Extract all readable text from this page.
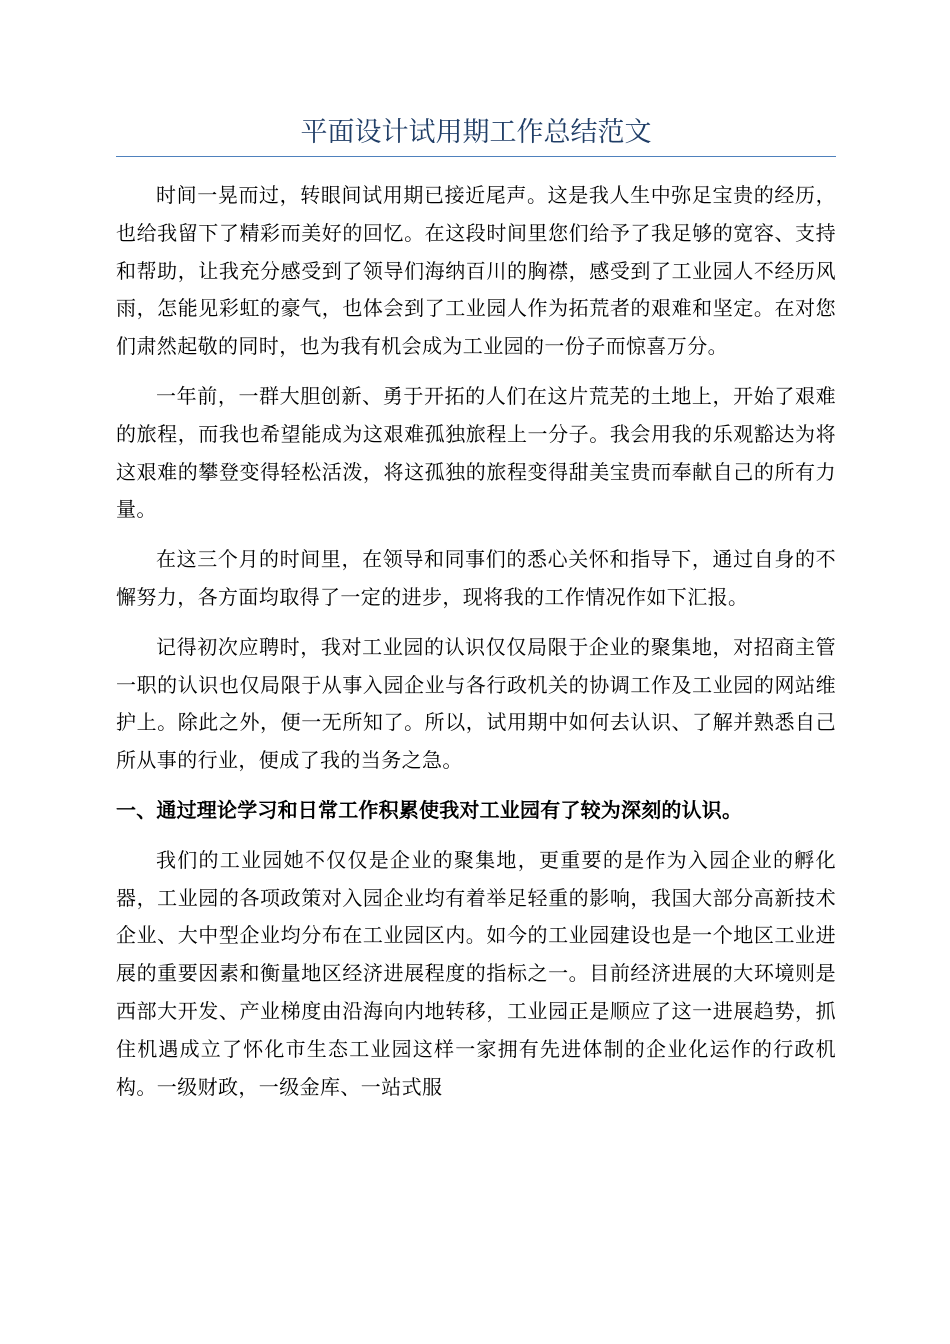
平面设计试用期工作总结范文

时间一晃而过，转眼间试用期已接近尾声。这是我人生中弥足宝贵的经历，也给我留下了精彩而美好的回忆。在这段时间里您们给予了我足够的宽容、支持和帮助，让我充分感受到了领导们海纳百川的胸襟，感受到了工业园人不经历风雨，怎能见彩虹的豪气，也体会到了工业园人作为拓荒者的艰难和坚定。在对您们肃然起敬的同时，也为我有机会成为工业园的一份子而惊喜万分。

一年前，一群大胆创新、勇于开拓的人们在这片荒芜的土地上，开始了艰难的旅程，而我也希望能成为这艰难孤独旅程上一分子。我会用我的乐观豁达为将这艰难的攀登变得轻松活泼，将这孤独的旅程变得甜美宝贵而奉献自己的所有力量。

在这三个月的时间里，在领导和同事们的悉心关怀和指导下，通过自身的不懈努力，各方面均取得了一定的进步，现将我的工作情况作如下汇报。

记得初次应聘时，我对工业园的认识仅仅局限于企业的聚集地，对招商主管一职的认识也仅局限于从事入园企业与各行政机关的协调工作及工业园的网站维护上。除此之外，便一无所知了。所以，试用期中如何去认识、了解并熟悉自己所从事的行业，便成了我的当务之急。

一、通过理论学习和日常工作积累使我对工业园有了较为深刻的认识。

我们的工业园她不仅仅是企业的聚集地，更重要的是作为入园企业的孵化器，工业园的各项政策对入园企业均有着举足轻重的影响，我国大部分高新技术企业、大中型企业均分布在工业园区内。如今的工业园建设也是一个地区工业进展的重要因素和衡量地区经济进展程度的指标之一。目前经济进展的大环境则是西部大开发、产业梯度由沿海向内地转移，工业园正是顺应了这一进展趋势，抓住机遇成立了怀化市生态工业园这样一家拥有先进体制的企业化运作的行政机构。一级财政，一级金库、一站式服
